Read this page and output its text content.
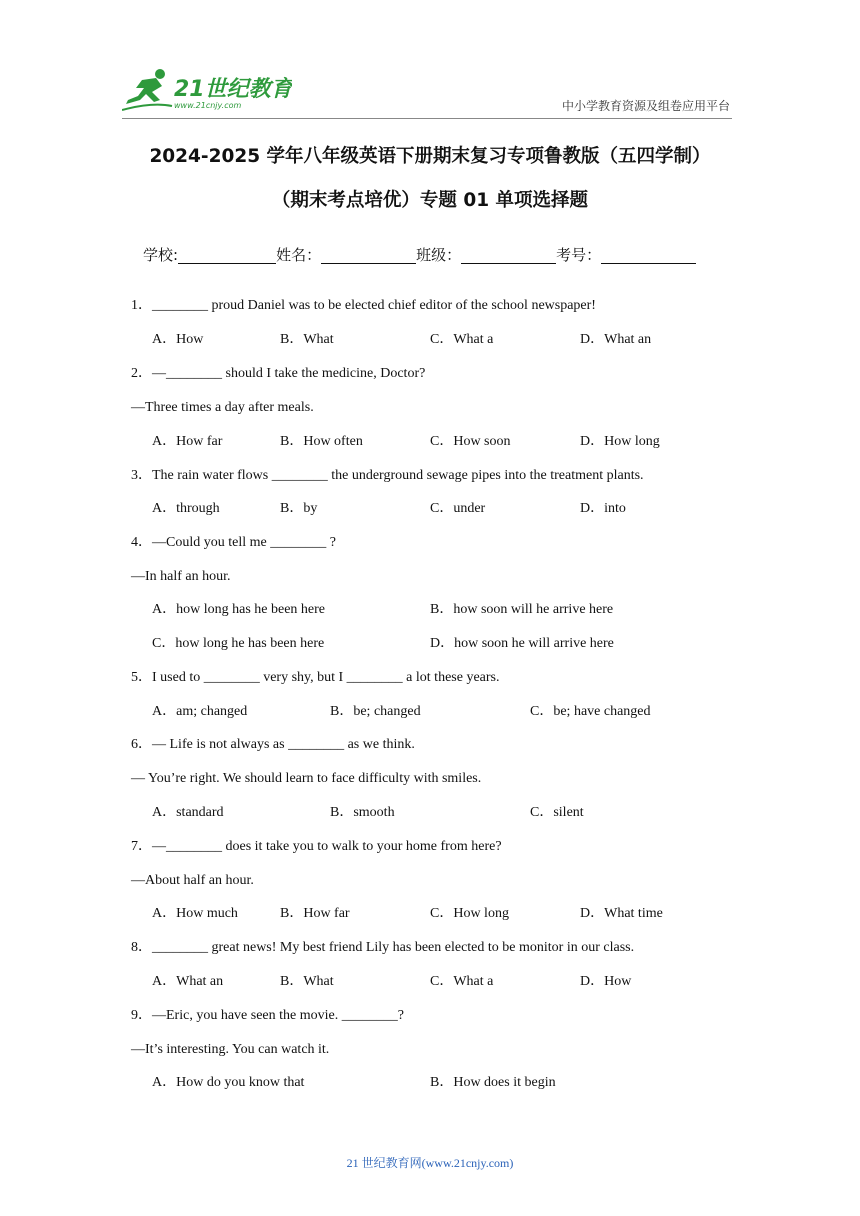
21世纪教育
www.21cnjy.com	中小学教育资源及组卷应用平台
2024-2025 学年八年级英语下册期末复习专项鲁教版（五四学制）
（期末考点培优）专题 01 单项选择题
学校:	姓名：	班级：	考号：
1．________ proud Daniel was to be elected chief editor of the school newspaper!
A．How	B．What	C．What a	D．What an
2．—________ should I take the medicine, Doctor?
—Three times a day after meals.
A．How far	B．How often	C．How soon	D．How long
3．The rain water flows ________ the underground sewage pipes into the treatment plants.
A．through	B．by	C．under	D．into
4．—Could you tell me ________ ?
—In half an hour.
A．how long has he been here	B．how soon will he arrive here
C．how long he has been here	D．how soon he will arrive here
5．I used to ________ very shy, but I ________ a lot these years.
A．am; changed	B．be; changed	C．be; have changed
6．— Life is not always as ________ as we think.
— You’re right. We should learn to face difficulty with smiles.
A．standard	B．smooth	C．silent
7．—________ does it take you to walk to your home from here?
—About half an hour.
A．How much	B．How far	C．How long	D．What time
8．________ great news! My best friend Lily has been elected to be monitor in our class.
A．What an	B．What	C．What a	D．How
9．—Eric, you have seen the movie. ________?
—It’s interesting. You can watch it.
A．How do you know that	B．How does it begin
21 世纪教育网(www.21cnjy.com)
